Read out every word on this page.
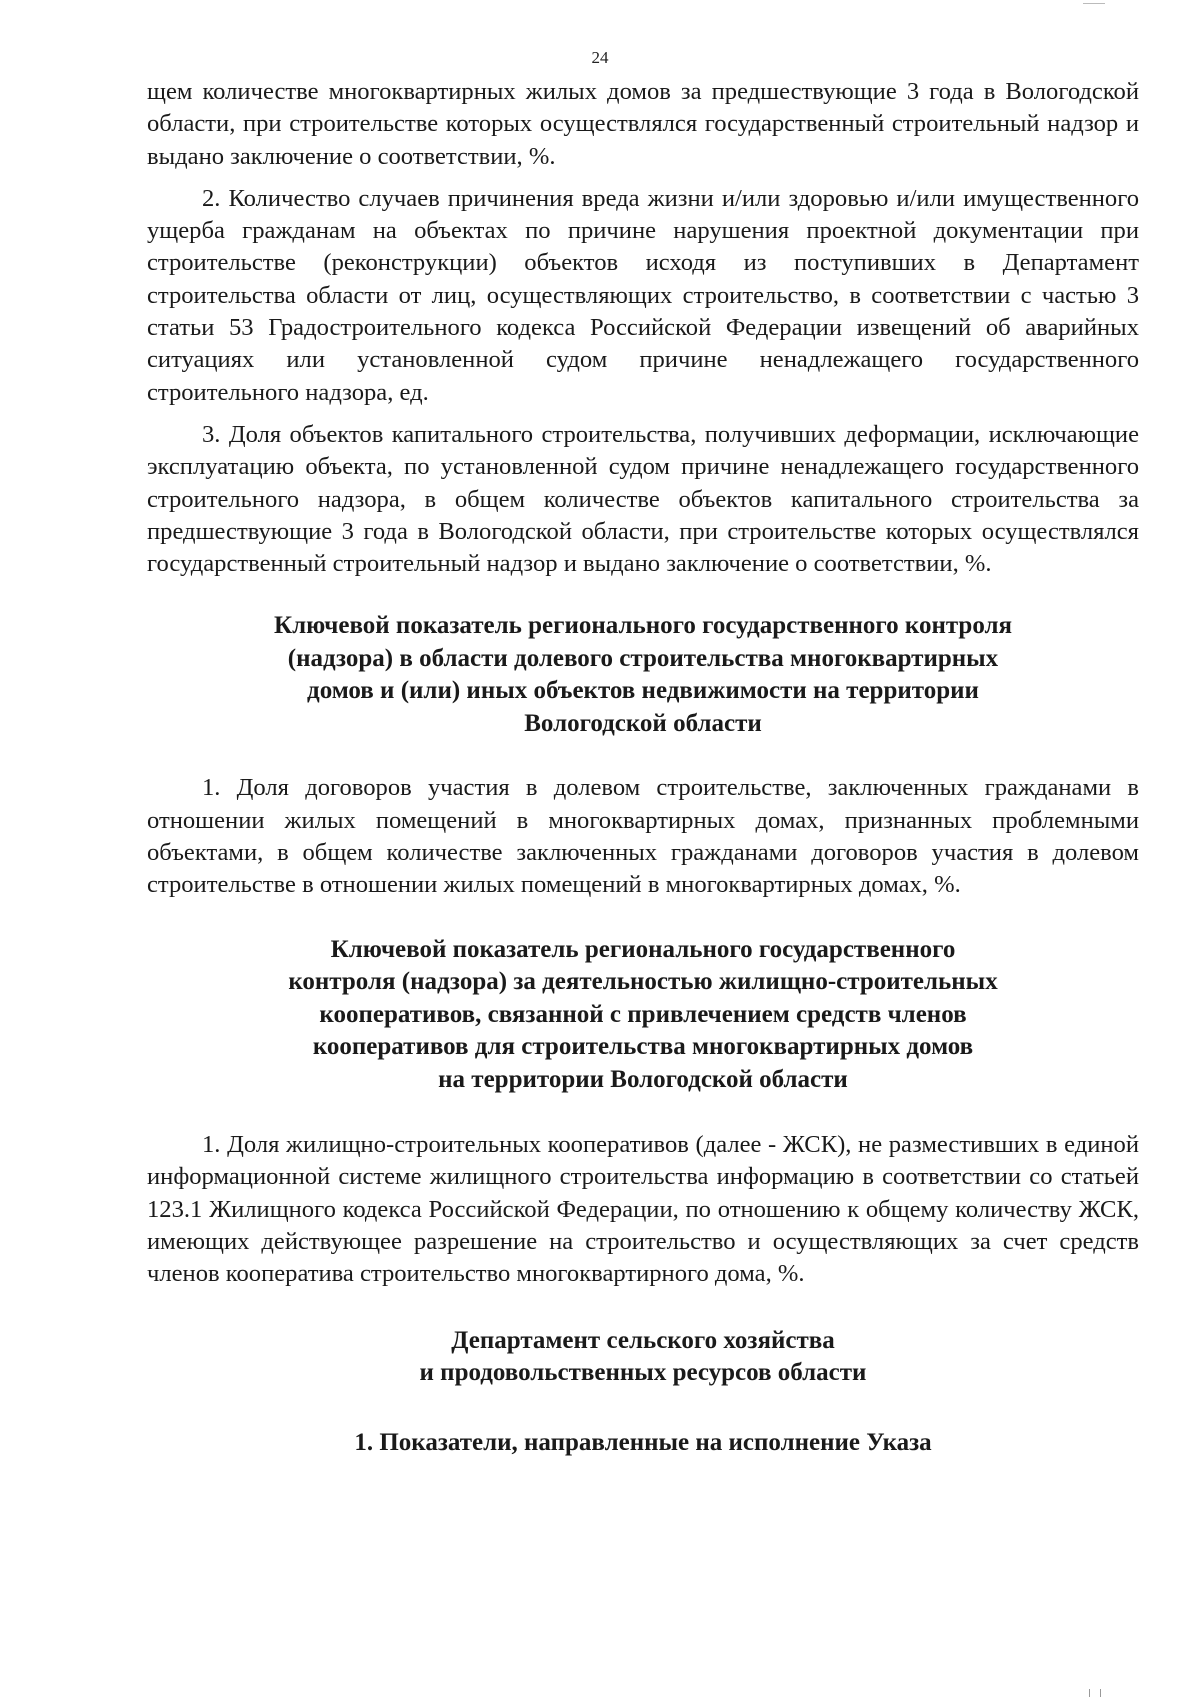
24

щем количестве многоквартирных жилых домов за предшествующие 3 года в Вологодской области, при строительстве которых осуществлялся государственный строительный надзор и выдано заключение о соответствии, %.

2. Количество случаев причинения вреда жизни и/или здоровью и/или имущественного ущерба гражданам на объектах по причине нарушения проектной документации при строительстве (реконструкции) объектов исходя из поступивших в Департамент строительства области от лиц, осуществляющих строительство, в соответствии с частью 3 статьи 53 Градостроительного кодекса Российской Федерации извещений об аварийных ситуациях или установленной судом причине ненадлежащего государственного строительного надзора, ед.

3. Доля объектов капитального строительства, получивших деформации, исключающие эксплуатацию объекта, по установленной судом причине ненадлежащего государственного строительного надзора, в общем количестве объектов капитального строительства за предшествующие 3 года в Вологодской области, при строительстве которых осуществлялся государственный строительный надзор и выдано заключение о соответствии, %.

Ключевой показатель регионального государственного контроля
(надзора) в области долевого строительства многоквартирных
домов и (или) иных объектов недвижимости на территории
Вологодской области

1. Доля договоров участия в долевом строительстве, заключенных гражданами в отношении жилых помещений в многоквартирных домах, признанных проблемными объектами, в общем количестве заключенных гражданами договоров участия в долевом строительстве в отношении жилых помещений в многоквартирных домах, %.

Ключевой показатель регионального государственного
контроля (надзора) за деятельностью жилищно-строительных
кооперативов, связанной с привлечением средств членов
кооперативов для строительства многоквартирных домов
на территории Вологодской области

1. Доля жилищно-строительных кооперативов (далее - ЖСК), не разместивших в единой информационной системе жилищного строительства информацию в соответствии со статьей 123.1 Жилищного кодекса Российской Федерации, по отношению к общему количеству ЖСК, имеющих действующее разрешение на строительство и осуществляющих за счет средств членов кооператива строительство многоквартирного дома, %.

Департамент сельского хозяйства
и продовольственных ресурсов области
1. Показатели, направленные на исполнение Указа
